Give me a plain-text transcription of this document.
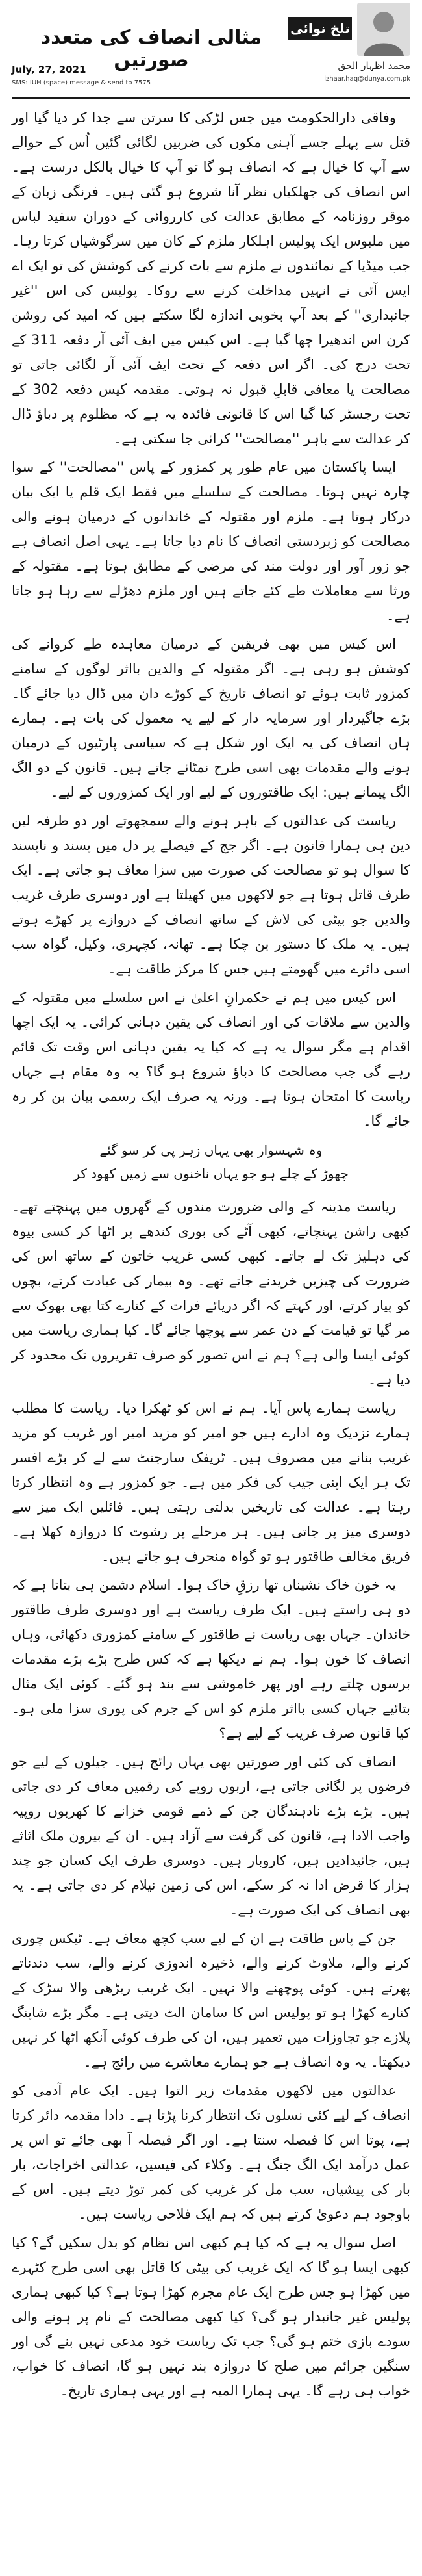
مثالی انصاف کی متعدد صورتیں
تلخ نوائی
محمد اظہار الحق
izhaar.haq@dunya.com.pk
July, 27, 2021
SMS: IUH (space) message & send to 7575

وفاقی دارالحکومت میں جس لڑکی کا سرتن سے جدا کر دیا گیا اور قتل سے پہلے جسے آہنی مکوں کی ضربیں لگائی گئیں اُس کے حوالے سے آپ کا خیال ہے کہ انصاف ہو گا تو آپ کا خیال بالکل درست ہے۔ اس انصاف کی جھلکیاں نظر آنا شروع ہو گئی ہیں۔ فرنگی زبان کے موقر روزنامہ کے مطابق عدالت کی کارروائی کے دوران سفید لباس میں ملبوس ایک پولیس اہلکار ملزم کے کان میں سرگوشیاں کرتا رہا۔ جب میڈیا کے نمائندوں نے ملزم سے بات کرنے کی کوشش کی تو ایک اے ایس آئی نے انہیں مداخلت کرنے سے روکا۔ پولیس کی اس ''غیر جانبداری'' کے بعد آپ بخوبی اندازہ لگا سکتے ہیں کہ امید کی روشن کرن اس اندھیرا چھا گیا ہے۔ اس کیس میں ایف آئی آر دفعہ 311 کے تحت درج کی۔ اگر اس دفعہ کے تحت ایف آئی آر لگائی جاتی تو مصالحت یا معافی قابلِ قبول نہ ہوتی۔ مقدمہ کیس دفعہ 302 کے تحت رجسٹر کیا گیا اس کا قانونی فائدہ یہ ہے کہ مظلوم پر دباؤ ڈال کر عدالت سے باہر ''مصالحت'' کرائی جا سکتی ہے۔

ایسا پاکستان میں عام طور پر کمزور کے پاس ''مصالحت'' کے سوا چارہ نہیں ہوتا۔ مصالحت کے سلسلے میں فقط ایک قلم یا ایک بیان درکار ہوتا ہے۔ ملزم اور مقتولہ کے خاندانوں کے درمیان ہونے والی مصالحت کو زبردستی انصاف کا نام دیا جاتا ہے۔ یہی اصل انصاف ہے جو زور آور اور دولت مند کی مرضی کے مطابق ہوتا ہے۔ مقتولہ کے ورثا سے معاملات طے کئے جاتے ہیں اور ملزم دھڑلے سے رہا ہو جاتا ہے۔

اس کیس میں بھی فریقین کے درمیان معاہدہ طے کروانے کی کوشش ہو رہی ہے۔ اگر مقتولہ کے والدین بااثر لوگوں کے سامنے کمزور ثابت ہوئے تو انصاف تاریخ کے کوڑے دان میں ڈال دیا جائے گا۔ بڑے جاگیردار اور سرمایہ دار کے لیے یہ معمول کی بات ہے۔ ہمارے ہاں انصاف کی یہ ایک اور شکل ہے کہ سیاسی پارٹیوں کے درمیان ہونے والے مقدمات بھی اسی طرح نمٹائے جاتے ہیں۔ قانون کے دو الگ الگ پیمانے ہیں: ایک طاقتوروں کے لیے اور ایک کمزوروں کے لیے۔

ریاست کی عدالتوں کے باہر ہونے والے سمجھوتے اور دو طرفہ لین دین ہی ہمارا قانون ہے۔ اگر جج کے فیصلے پر دل میں پسند و ناپسند کا سوال ہو تو مصالحت کی صورت میں سزا معاف ہو جاتی ہے۔ ایک طرف قاتل ہوتا ہے جو لاکھوں میں کھیلتا ہے اور دوسری طرف غریب والدین جو بیٹی کی لاش کے ساتھ انصاف کے دروازے پر کھڑے ہوتے ہیں۔ یہ ملک کا دستور بن چکا ہے۔ تھانہ، کچہری، وکیل، گواہ سب اسی دائرے میں گھومتے ہیں جس کا مرکز طاقت ہے۔

اس کیس میں ہم نے حکمرانِ اعلیٰ نے اس سلسلے میں مقتولہ کے والدین سے ملاقات کی اور انصاف کی یقین دہانی کرائی۔ یہ ایک اچھا اقدام ہے مگر سوال یہ ہے کہ کیا یہ یقین دہانی اس وقت تک قائم رہے گی جب مصالحت کا دباؤ شروع ہو گا؟ یہ وہ مقام ہے جہاں ریاست کا امتحان ہوتا ہے۔ ورنہ یہ صرف ایک رسمی بیان بن کر رہ جائے گا۔

وہ شہسوار بھی یہاں زہر پی کر سو گئے
چھوڑ کے چلے ہو جو یہاں ناخنوں سے زمیں کھود کر

ریاست مدینہ کے والی ضرورت مندوں کے گھروں میں پہنچتے تھے۔ کبھی راشن پہنچاتے، کبھی آٹے کی بوری کندھے پر اٹھا کر کسی بیوہ کی دہلیز تک لے جاتے۔ کبھی کسی غریب خاتون کے ساتھ اس کی ضرورت کی چیزیں خریدنے جاتے تھے۔ وہ بیمار کی عیادت کرتے، بچوں کو پیار کرتے، اور کہتے کہ اگر دریائے فرات کے کنارے کتا بھی بھوک سے مر گیا تو قیامت کے دن عمر سے پوچھا جائے گا۔ کیا ہماری ریاست میں کوئی ایسا والی ہے؟ ہم نے اس تصور کو صرف تقریروں تک محدود کر دیا ہے۔

ریاست ہمارے پاس آیا۔ ہم نے اس کو ٹھکرا دیا۔ ریاست کا مطلب ہمارے نزدیک وہ ادارے ہیں جو امیر کو مزید امیر اور غریب کو مزید غریب بنانے میں مصروف ہیں۔ ٹریفک سارجنٹ سے لے کر بڑے افسر تک ہر ایک اپنی جیب کی فکر میں ہے۔ جو کمزور ہے وہ انتظار کرتا رہتا ہے۔ عدالت کی تاریخیں بدلتی رہتی ہیں۔ فائلیں ایک میز سے دوسری میز پر جاتی ہیں۔ ہر مرحلے پر رشوت کا دروازہ کھلا ہے۔ فریق مخالف طاقتور ہو تو گواہ منحرف ہو جاتے ہیں۔

یہ خون خاک نشیناں تھا رزقِ خاک ہوا۔ اسلام دشمن ہی بتاتا ہے کہ دو ہی راستے ہیں۔ ایک طرف ریاست ہے اور دوسری طرف طاقتور خاندان۔ جہاں بھی ریاست نے طاقتور کے سامنے کمزوری دکھائی، وہاں انصاف کا خون ہوا۔ ہم نے دیکھا ہے کہ کس طرح بڑے بڑے مقدمات برسوں چلتے رہے اور پھر خاموشی سے بند ہو گئے۔ کوئی ایک مثال بتائیے جہاں کسی بااثر ملزم کو اس کے جرم کی پوری سزا ملی ہو۔ کیا قانون صرف غریب کے لیے ہے؟

انصاف کی کئی اور صورتیں بھی یہاں رائج ہیں۔ جیلوں کے لیے جو قرضوں پر لگائی جاتی ہے، اربوں روپے کی رقمیں معاف کر دی جاتی ہیں۔ بڑے بڑے نادہندگان جن کے ذمے قومی خزانے کا کھربوں روپیہ واجب الادا ہے، قانون کی گرفت سے آزاد ہیں۔ ان کے بیرون ملک اثاثے ہیں، جائیدادیں ہیں، کاروبار ہیں۔ دوسری طرف ایک کسان جو چند ہزار کا قرض ادا نہ کر سکے، اس کی زمین نیلام کر دی جاتی ہے۔ یہ بھی انصاف کی ایک صورت ہے۔

جن کے پاس طاقت ہے ان کے لیے سب کچھ معاف ہے۔ ٹیکس چوری کرنے والے، ملاوٹ کرنے والے، ذخیرہ اندوزی کرنے والے، سب دندناتے پھرتے ہیں۔ کوئی پوچھنے والا نہیں۔ ایک غریب ریڑھی والا سڑک کے کنارے کھڑا ہو تو پولیس اس کا سامان الٹ دیتی ہے۔ مگر بڑے شاپنگ پلازے جو تجاوزات میں تعمیر ہیں، ان کی طرف کوئی آنکھ اٹھا کر نہیں دیکھتا۔ یہ وہ انصاف ہے جو ہمارے معاشرے میں رائج ہے۔

عدالتوں میں لاکھوں مقدمات زیر التوا ہیں۔ ایک عام آدمی کو انصاف کے لیے کئی نسلوں تک انتظار کرنا پڑتا ہے۔ دادا مقدمہ دائر کرتا ہے، پوتا اس کا فیصلہ سنتا ہے۔ اور اگر فیصلہ آ بھی جائے تو اس پر عمل درآمد ایک الگ جنگ ہے۔ وکلاء کی فیسیں، عدالتی اخراجات، بار بار کی پیشیاں، سب مل کر غریب کی کمر توڑ دیتے ہیں۔ اس کے باوجود ہم دعویٰ کرتے ہیں کہ ہم ایک فلاحی ریاست ہیں۔

اصل سوال یہ ہے کہ کیا ہم کبھی اس نظام کو بدل سکیں گے؟ کیا کبھی ایسا ہو گا کہ ایک غریب کی بیٹی کا قاتل بھی اسی طرح کٹہرے میں کھڑا ہو جس طرح ایک عام مجرم کھڑا ہوتا ہے؟ کیا کبھی ہماری پولیس غیر جانبدار ہو گی؟ کیا کبھی مصالحت کے نام پر ہونے والی سودے بازی ختم ہو گی؟ جب تک ریاست خود مدعی نہیں بنے گی اور سنگین جرائم میں صلح کا دروازہ بند نہیں ہو گا، انصاف کا خواب، خواب ہی رہے گا۔ یہی ہمارا المیہ ہے اور یہی ہماری تاریخ۔
